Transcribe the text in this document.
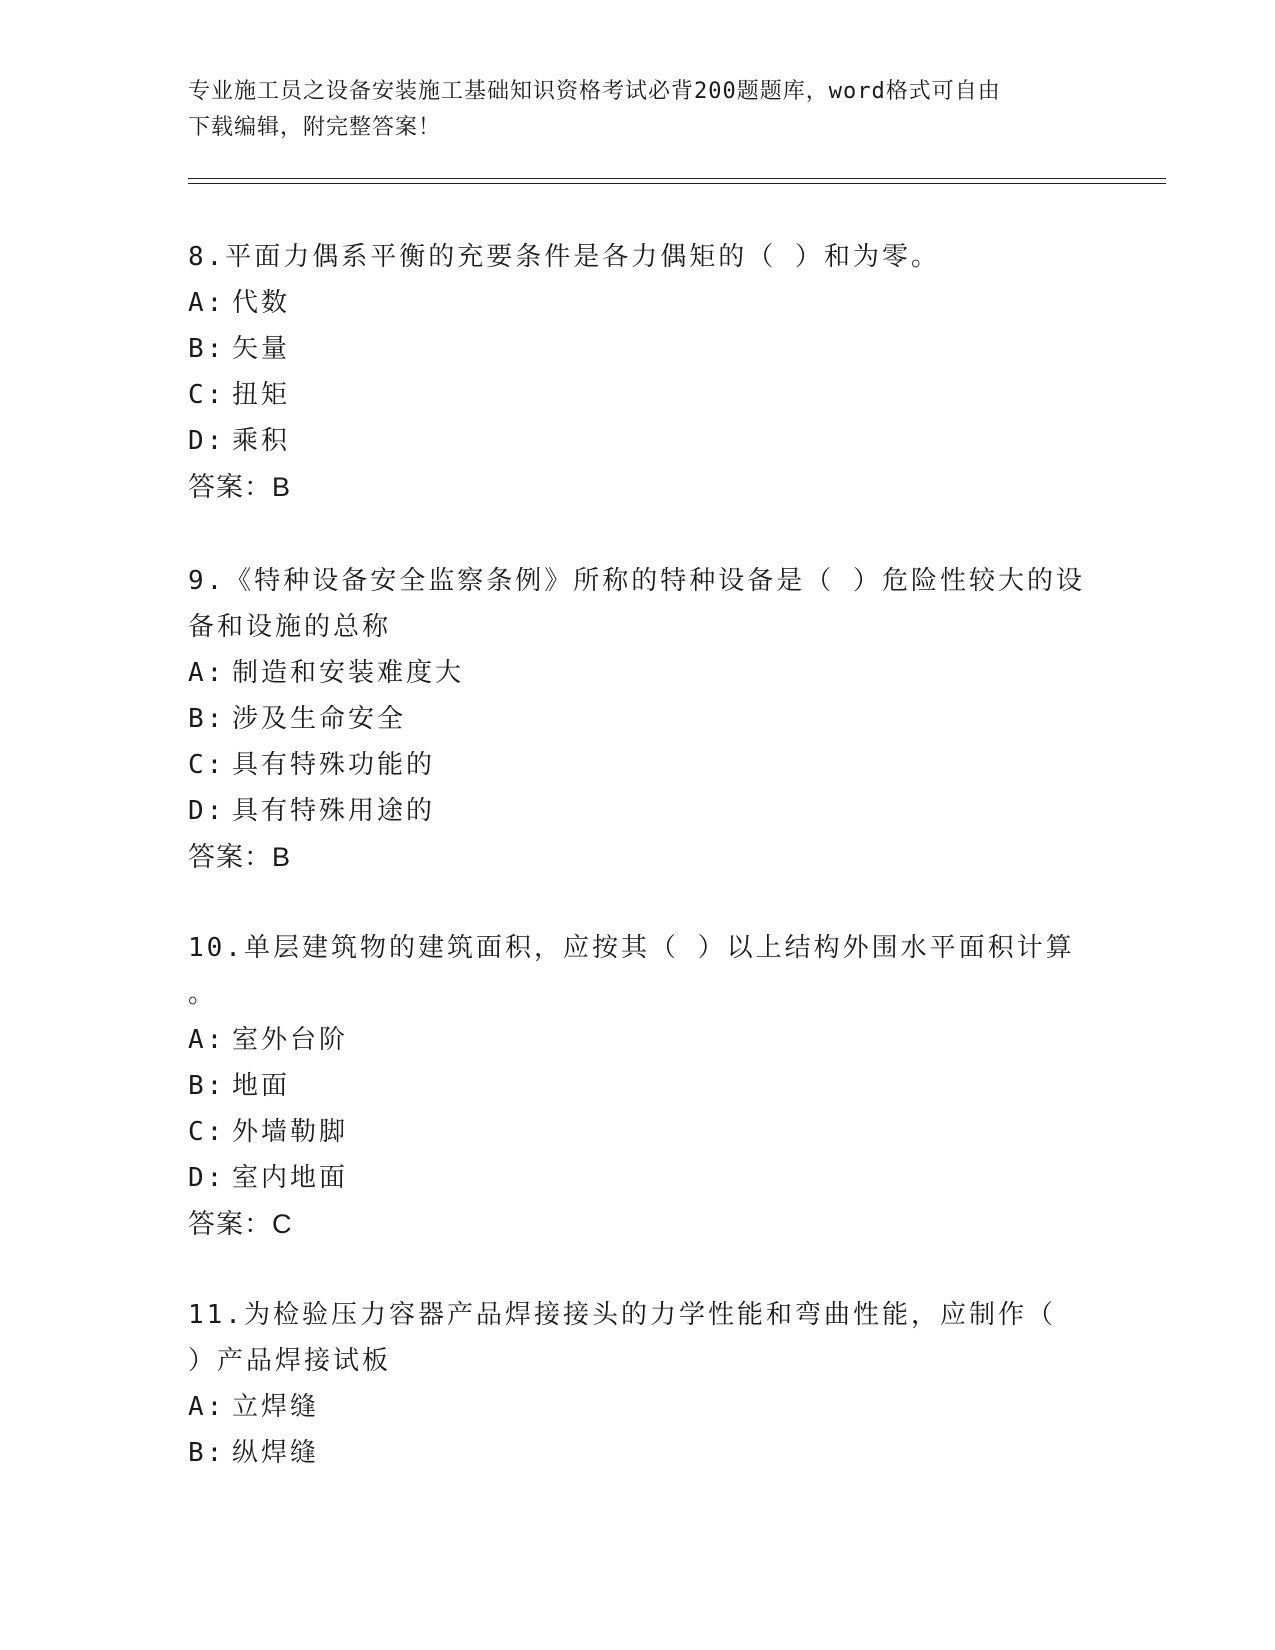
专业施工员之设备安装施工基础知识资格考试必背200题题库，word格式可自由
下载编辑，附完整答案！

8.平面力偶系平衡的充要条件是各力偶矩的（ ）和为零。

A: 代数

B: 矢量

C: 扭矩

D: 乘积

答案：B

9.《特种设备安全监察条例》所称的特种设备是（ ）危险性较大的设

备和设施的总称

A: 制造和安装难度大

B: 涉及生命安全

C: 具有特殊功能的

D: 具有特殊用途的

答案：B

10.单层建筑物的建筑面积，应按其（ ）以上结构外围水平面积计算

。

A: 室外台阶

B: 地面

C: 外墙勒脚

D: 室内地面

答案：C

11.为检验压力容器产品焊接接头的力学性能和弯曲性能，应制作（

）产品焊接试板

A: 立焊缝

B: 纵焊缝
